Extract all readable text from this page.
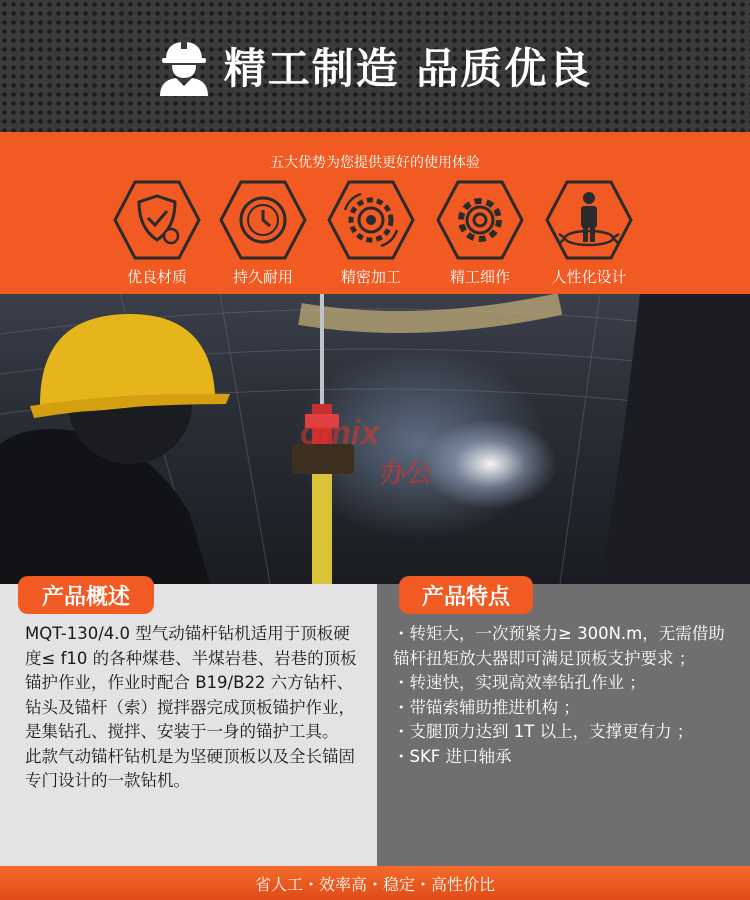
精工制造 品质优良
五大优势为您提供更好的使用体验
优良材质	持久耐用	精密加工	精工细作	人性化设计
omix
办公
产品概述
MQT-130/4.0 型气动锚杆钻机适用于顶板硬度≤ f10 的各种煤巷、半煤岩巷、岩巷的顶板锚护作业，作业时配合 B19/B22 六方钻杆、钻头及锚杆（索）搅拌器完成顶板锚护作业，是集钻孔、搅拌、安装于一身的锚护工具。
此款气动锚杆钻机是为坚硬顶板以及全长锚固专门设计的一款钻机。
产品特点

・转矩大，一次预紧力≥ 300N.m，无需借助锚杆扭矩放大器即可满足顶板支护要求 ；

・转速快，实现高效率钻孔作业 ；

・带锚索辅助推进机构 ；

・支腿顶力达到 1T 以上，支撑更有力 ；

・SKF 进口轴承

省人工・效率高・稳定・高性价比
